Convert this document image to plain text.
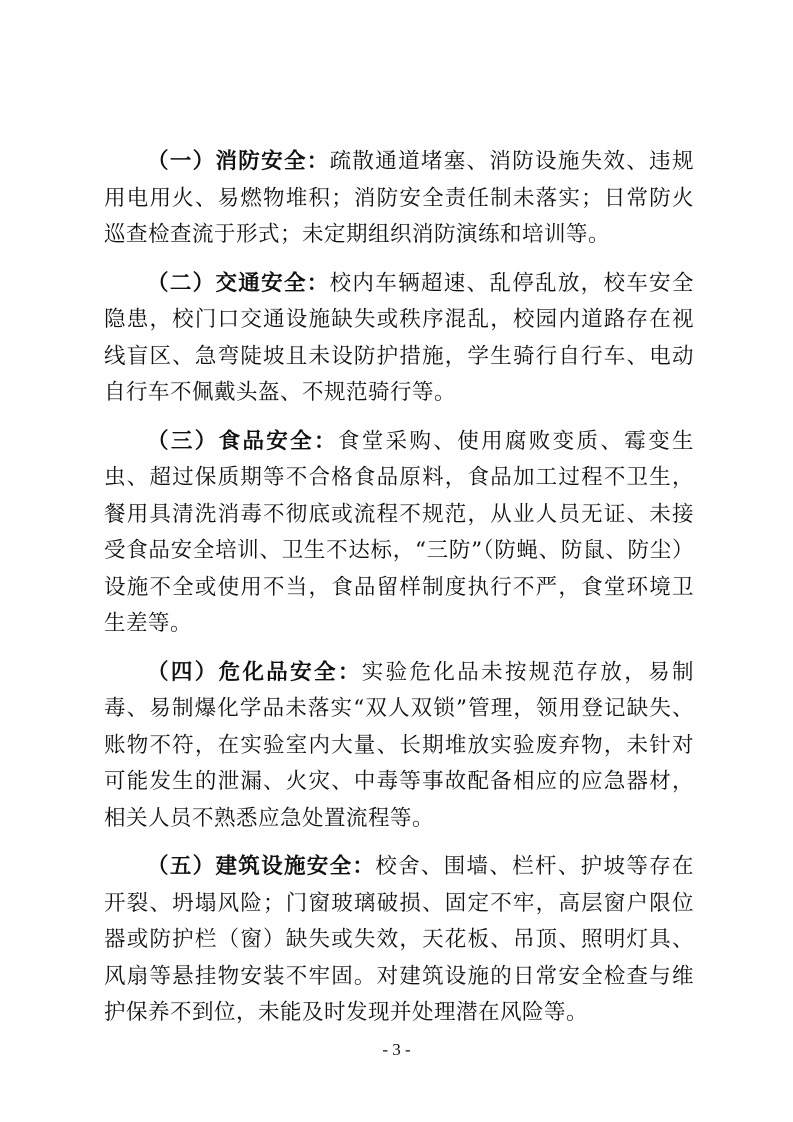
（一）消防安全：疏散通道堵塞、消防设施失效、违规用电用火、易燃物堆积；消防安全责任制未落实；日常防火巡查检查流于形式；未定期组织消防演练和培训等。

（二）交通安全：校内车辆超速、乱停乱放，校车安全隐患，校门口交通设施缺失或秩序混乱，校园内道路存在视线盲区、急弯陡坡且未设防护措施，学生骑行自行车、电动自行车不佩戴头盔、不规范骑行等。

（三）食品安全：食堂采购、使用腐败变质、霉变生虫、超过保质期等不合格食品原料，食品加工过程不卫生，餐用具清洗消毒不彻底或流程不规范，从业人员无证、未接受食品安全培训、卫生不达标，“三防”（防蝇、防鼠、防尘）设施不全或使用不当，食品留样制度执行不严，食堂环境卫生差等。

（四）危化品安全：实验危化品未按规范存放，易制毒、易制爆化学品未落实“双人双锁”管理，领用登记缺失、账物不符，在实验室内大量、长期堆放实验废弃物，未针对可能发生的泄漏、火灾、中毒等事故配备相应的应急器材，相关人员不熟悉应急处置流程等。

（五）建筑设施安全：校舍、围墙、栏杆、护坡等存在开裂、坍塌风险；门窗玻璃破损、固定不牢，高层窗户限位器或防护栏（窗）缺失或失效，天花板、吊顶、照明灯具、风扇等悬挂物安装不牢固。对建筑设施的日常安全检查与维护保养不到位，未能及时发现并处理潜在风险等。

- 3 -
